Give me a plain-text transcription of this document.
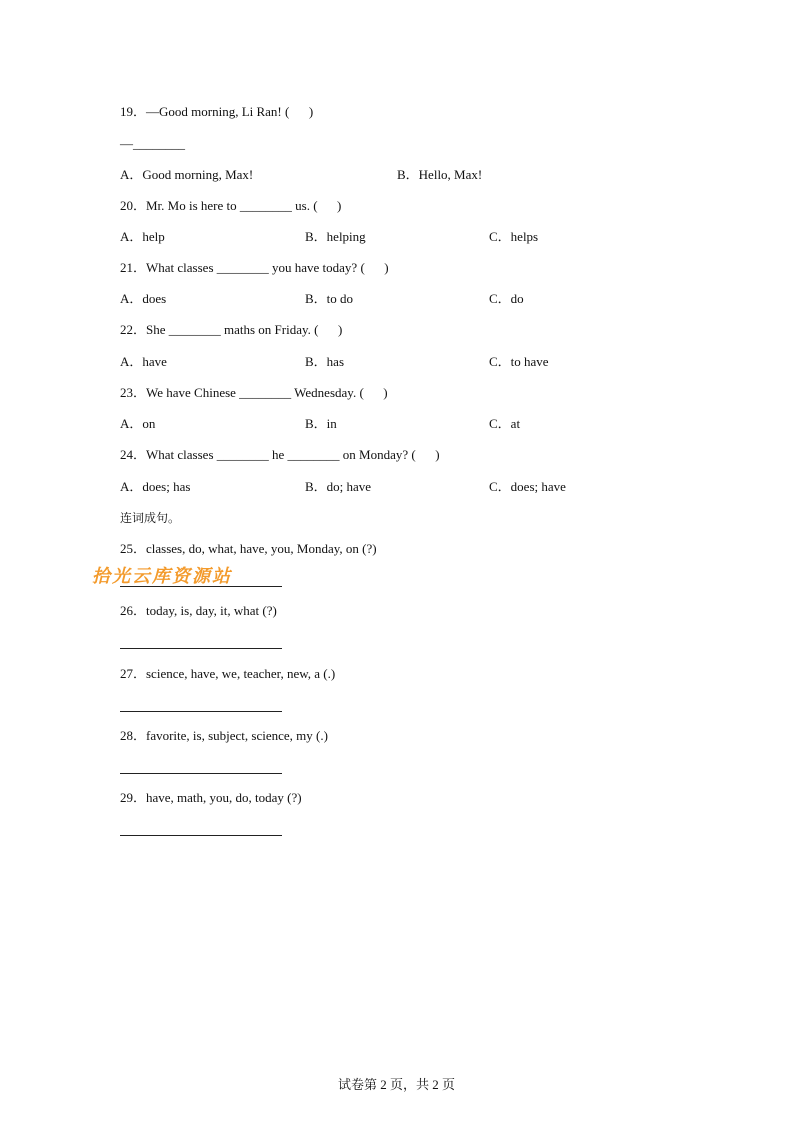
19．—Good morning, Li Ran! (      )

—________

A．Good morning, Max!	B．Hello, Max!

20．Mr. Mo is here to ________ us. (      )

A．help	B．helping	C．helps

21．What classes ________ you have today? (      )

A．does	B．to do	C．do

22．She ________ maths on Friday. (      )

A．have	B．has	C．to have

23．We have Chinese ________ Wednesday. (      )

A．on	B．in	C．at

24．What classes ________ he ________ on Monday? (      )

A．does; has	B．do; have	C．does; have

连词成句。

25．classes, do, what, have, you, Monday, on (?)

拾光云库资源站

26．today, is, day, it, what (?)

27．science, have, we, teacher, new, a (.)

28．favorite, is, subject, science, my (.)

29．have, math, you, do, today (?)

试卷第 2 页，共 2 页
